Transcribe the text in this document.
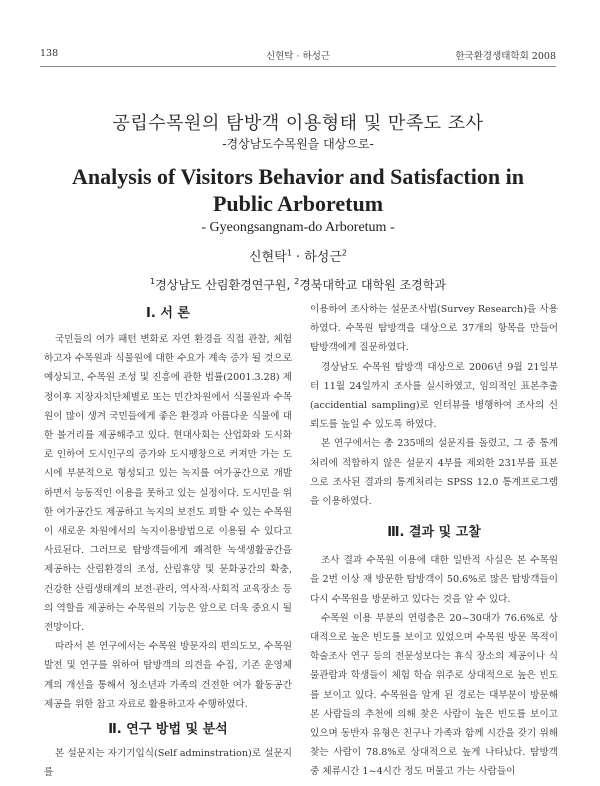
138	신현탁 · 하성근	한국환경생태학회 2008

공립수목원의 탐방객 이용형태 및 만족도 조사

-경상남도수목원을 대상으로-

Analysis of Visitors Behavior and Satisfaction in Public Arboretum

- Gyeongsangnam-do Arboretum -

신현탁$^1$ · 하성근$^2$

$^1$경상남도 산림환경연구원, $^2$경북대학교 대학원 조경학과

Ⅰ. 서 론

국민들의 여가 패턴 변화로 자연 환경을 직접 관찰, 체험하고자 수목원과 식물원에 대한 수요가 계속 증가 될 것으로 예상되고, 수목원 조성 및 진흥에 관한 법률(2001.3.28) 제정이후 지장자치단체별로 또는 민간차원에서 식물원과 수목원이 많이 생겨 국민들에게 좋은 환경과 아름다운 식물에 대한 볼거리를 제공해주고 있다. 현대사회는 산업화와 도시화로 인하여 도시인구의 증가와 도시팽창으로 커져만 가는 도시에 부분적으로 형성되고 있는 녹지를 여가공간으로 개발하면서 능동적인 이용을 못하고 있는 실정이다. 도시민을 위한 여가공간도 제공하고 녹지의 보전도 꾀할 수 있는 수목원이 새로운 차원에서의 녹지이용방법으로 이용될 수 있다고 사료된다. 그러므로 탐방객들에게 쾌적한 녹색생활공간을 제공하는 산림환경의 조성, 산림휴양 및 문화공간의 확충, 건강한 산림생태계의 보전·관리, 역사적·사회적 교육장소 등의 역할을 제공하는 수목원의 기능은 앞으로 더욱 중요시 될 전망이다.

따라서 본 연구에서는 수목원 방문자의 편의도모, 수목원 발전 및 연구를 위하여 탐방객의 의견을 수집, 기존 운영체계의 개선을 통해서 청소년과 가족의 건전한 여가 활동공간 제공을 위한 참고 자료로 활용하고자 수행하였다.

Ⅱ. 연구 방법 및 분석

본 설문지는 자기기입식(Self adminstration)로 설문지를

이용하여 조사하는 설문조사법(Survey Research)을 사용하였다. 수목원 탐방객을 대상으로 37개의 항목을 만들어 탐방객에게 질문하였다.

경상남도 수목원 탐방객 대상으로 2006년 9월 21일부터 11월 24일까지 조사를 실시하였고, 임의적인 표본추출(accidential sampling)로 인터뷰를 병행하여 조사의 신뢰도를 높일 수 있도록 하였다.

본 연구에서는 총 235매의 설문지를 돌렸고, 그 중 통계처리에 적합하지 않은 설문지 4부를 제외한 231부를 표본으로 조사된 결과의 통계처리는 SPSS 12.0 통계프로그램을 이용하였다.

Ⅲ. 결과 및 고찰

조사 결과 수목원 이용에 대한 일반적 사실은 본 수목원을 2번 이상 재 방문한 탐방객이 50.6%로 많은 탐방객들이 다시 수목원을 방문하고 있다는 것을 알 수 있다.

수목원 이용 부분의 연령층은 20~30대가 76.6%로 상대적으로 높은 빈도를 보이고 있었으며 수목원 방문 목적이 학술조사 연구 등의 전문성보다는 휴식 장소의 제공이나 식물관람과 학생들이 체험 학습 위주로 상대적으로 높은 빈도를 보이고 있다. 수목원을 알게 된 경로는 대부분이 방문해 본 사람들의 추천에 의해 찾은 사람이 높은 빈도를 보이고 있으며 동반자 유형은 친구나 가족과 함께 시간을 갖기 위해 찾는 사람이 78.8%로 상대적으로 높게 나타났다. 탐방객 중 체류시간 1~4시간 정도 머물고 가는 사람들이
